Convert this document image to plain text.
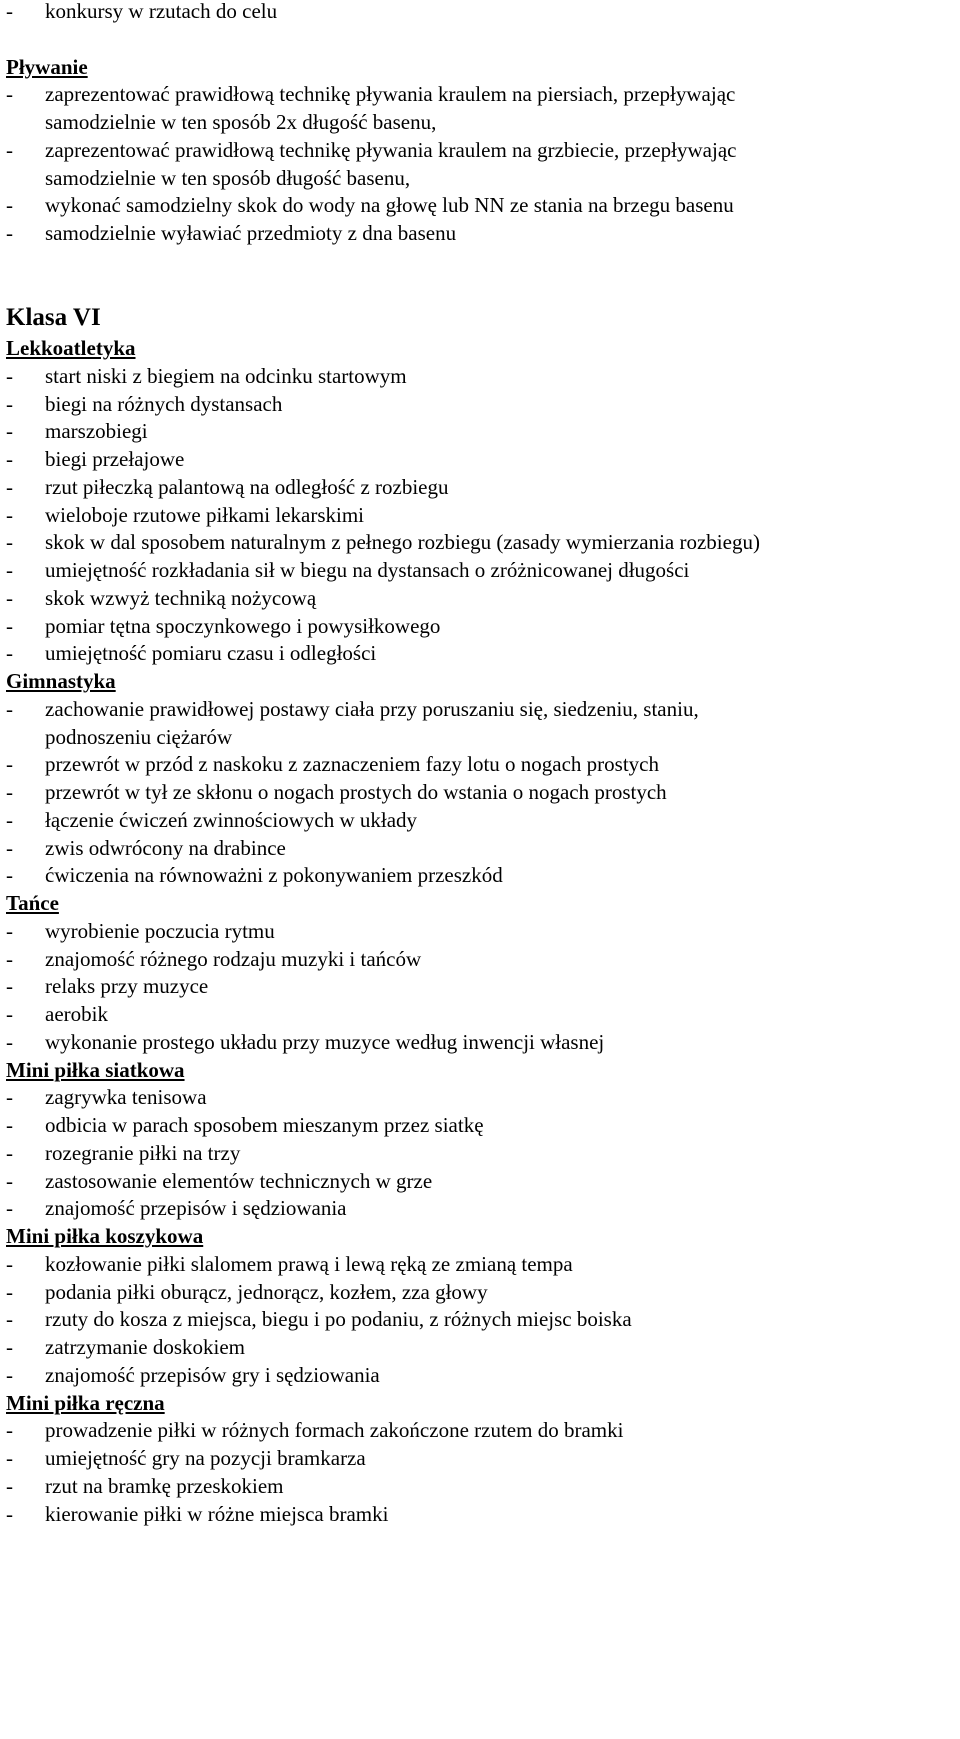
- konkursy w rzutach do celu
Pływanie
- zaprezentować prawidłową technikę pływania kraulem na piersiach, przepływając
samodzielnie w ten sposób 2x długość basenu,
- zaprezentować prawidłową technikę pływania kraulem na grzbiecie, przepływając
samodzielnie w ten sposób długość basenu,
- wykonać samodzielny skok do wody na głowę lub NN ze stania na brzegu basenu
- samodzielnie wyławiać przedmioty z dna basenu
Klasa VI
Lekkoatletyka
- start niski z biegiem na odcinku startowym
- biegi na różnych dystansach
- marszobiegi
- biegi przełajowe
- rzut piłeczką palantową na odległość z rozbiegu
- wieloboje rzutowe piłkami lekarskimi
- skok w dal sposobem naturalnym z pełnego rozbiegu (zasady wymierzania rozbiegu)
- umiejętność rozkładania sił w biegu na dystansach o zróżnicowanej długości
- skok wzwyż techniką nożycową
- pomiar tętna spoczynkowego i powysiłkowego
- umiejętność pomiaru czasu i odległości
Gimnastyka
- zachowanie prawidłowej postawy ciała przy poruszaniu się, siedzeniu, staniu,
podnoszeniu ciężarów
- przewrót w przód z naskoku z zaznaczeniem fazy lotu o nogach prostych
- przewrót w tył ze skłonu o nogach prostych do wstania o nogach prostych
- łączenie ćwiczeń zwinnościowych w układy
- zwis odwrócony na drabince
- ćwiczenia na równoważni z pokonywaniem przeszkód
Tańce
- wyrobienie poczucia rytmu
- znajomość różnego rodzaju muzyki i tańców
- relaks przy muzyce
- aerobik
- wykonanie prostego układu przy muzyce według inwencji własnej
Mini piłka siatkowa
- zagrywka tenisowa
- odbicia w parach sposobem mieszanym przez siatkę
- rozegranie piłki na trzy
- zastosowanie elementów technicznych w grze
- znajomość przepisów i sędziowania
Mini piłka koszykowa
- kozłowanie piłki slalomem prawą i lewą ręką ze zmianą tempa
- podania piłki oburącz, jednorącz, kozłem, zza głowy
- rzuty do kosza z miejsca, biegu i po podaniu, z różnych miejsc boiska
- zatrzymanie doskokiem
- znajomość przepisów gry i sędziowania
Mini piłka ręczna
- prowadzenie piłki w różnych formach zakończone rzutem do bramki
- umiejętność gry na pozycji bramkarza
- rzut na bramkę przeskokiem
- kierowanie piłki w różne miejsca bramki
